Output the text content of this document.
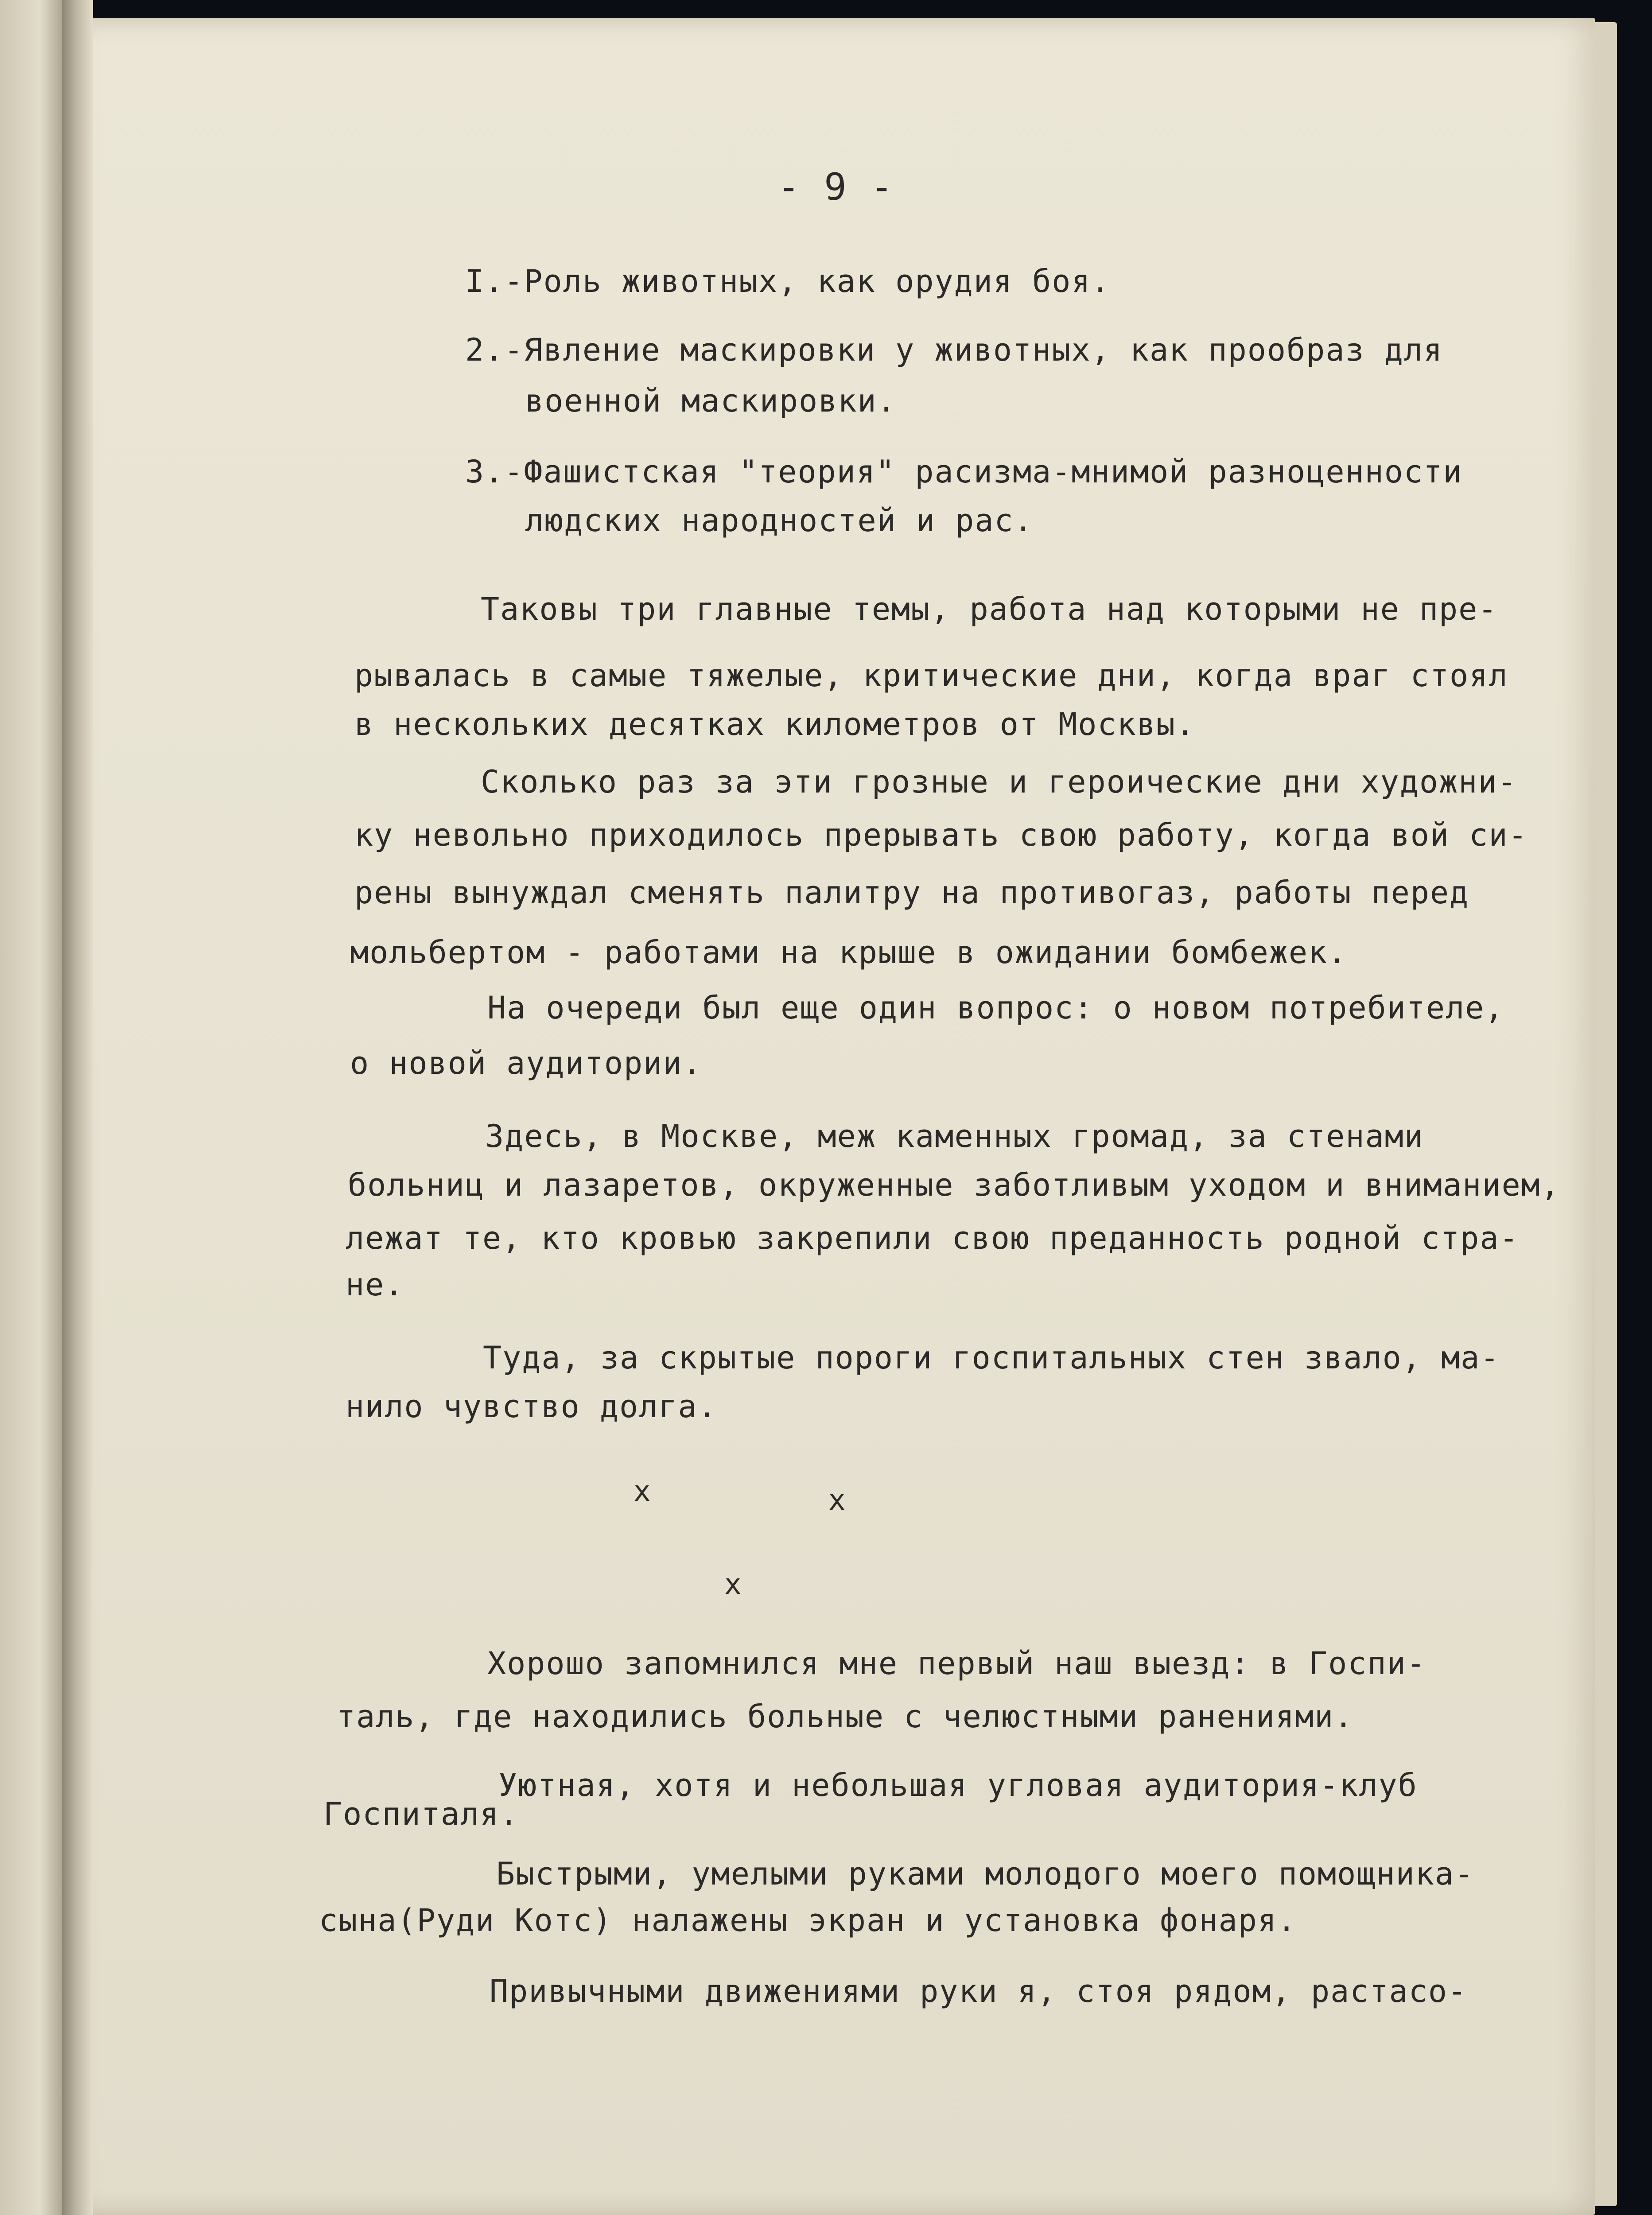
- 9 -
I.-Роль животных, как орудия боя.
2.-Явление маскировки у животных, как прообраз для
военной маскировки.
3.-Фашистская "теория" расизма-мнимой разноценности
людских народностей и рас.
Таковы три главные темы, работа над которыми не пре-
рывалась в самые тяжелые, критические дни, когда враг стоял
в нескольких десятках километров от Москвы.
Сколько раз за эти грозные и героические дни художни-
ку невольно приходилось прерывать свою работу, когда вой си-
рены вынуждал сменять палитру на противогаз, работы перед
мольбертом - работами на крыше в ожидании бомбежек.
На очереди был еще один вопрос: о новом потребителе,
о новой аудитории.
Здесь, в Москве, меж каменных громад, за стенами
больниц и лазаретов, окруженные заботливым уходом и вниманием,
лежат те, кто кровью закрепили свою преданность родной стра-
не.
Туда, за скрытые пороги госпитальных стен звало, ма-
нило чувство долга.
x	x
x
Хорошо запомнился мне первый наш выезд: в Госпи-
таль, где находились больные с челюстными ранениями.
Уютная, хотя и небольшая угловая аудитория-клуб
Госпиталя.
Быстрыми, умелыми руками молодого моего помощника-
сына(Руди Котс) налажены экран и установка фонаря.
Привычными движениями руки я, стоя рядом, растасо-
